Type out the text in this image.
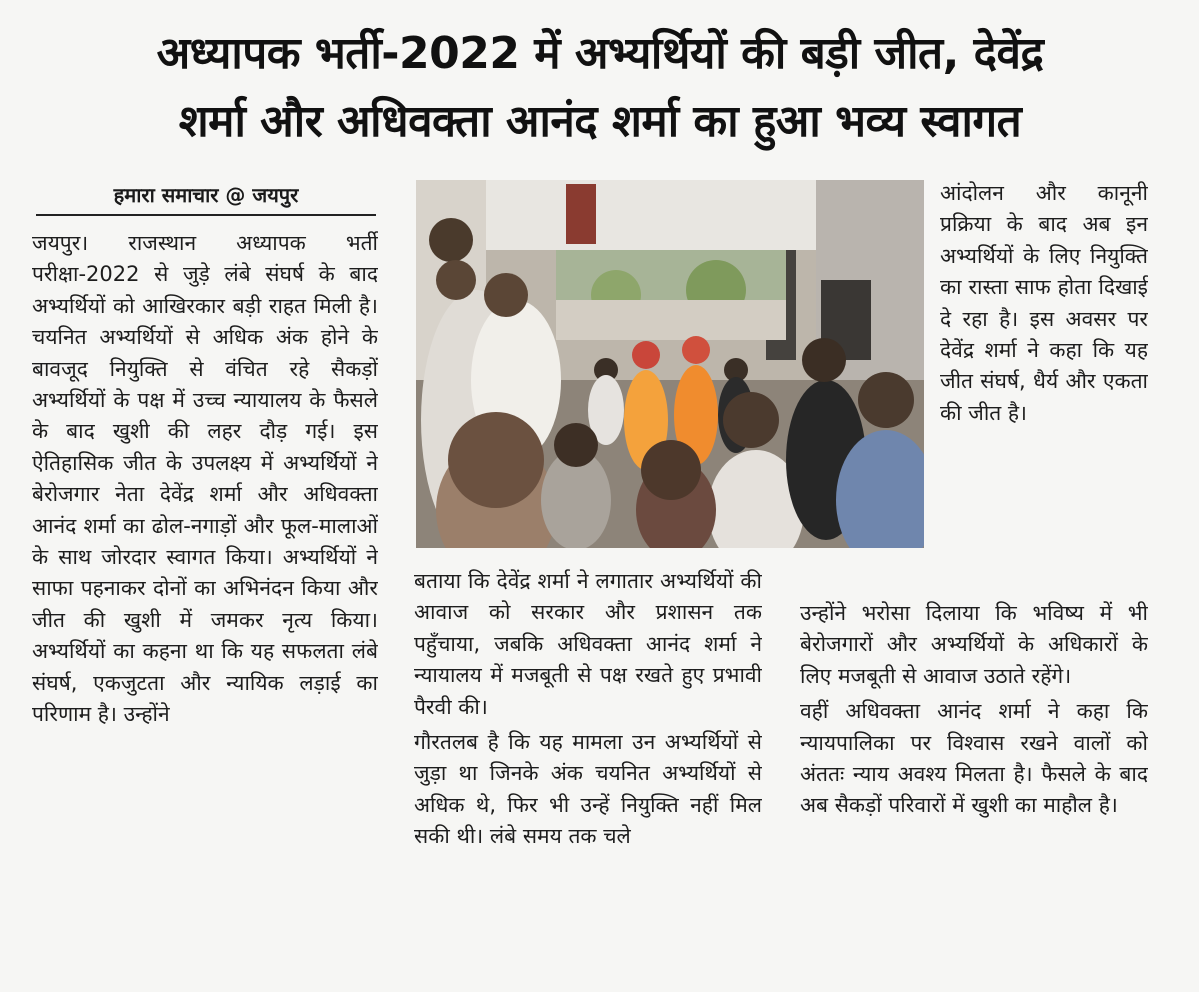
अध्यापक भर्ती-2022 में अभ्यर्थियों की बड़ी जीत, देवेंद्र
शर्मा और अधिवक्ता आनंद शर्मा का हुआ भव्य स्वागत
हमारा समाचार @ जयपुर

जयपुर। राजस्थान अध्यापक भर्ती परीक्षा-2022 से जुड़े लंबे संघर्ष के बाद अभ्यर्थियों को आखिरकार बड़ी राहत मिली है। चयनित अभ्यर्थियों से अधिक अंक होने के बावजूद नियुक्ति से वंचित रहे सैकड़ों अभ्यर्थियों के पक्ष में उच्च न्यायालय के फैसले के बाद खुशी की लहर दौड़ गई। इस ऐतिहासिक जीत के उपलक्ष्य में अभ्यर्थियों ने बेरोजगार नेता देवेंद्र शर्मा और अधिवक्ता आनंद शर्मा का ढोल-नगाड़ों और फूल-मालाओं के साथ जोरदार स्वागत किया। अभ्यर्थियों ने साफा पहनाकर दोनों का अभिनंदन किया और जीत की खुशी में जमकर नृत्य किया। अभ्यर्थियों का कहना था कि यह सफलता लंबे संघर्ष, एकजुटता और न्यायिक लड़ाई का परिणाम है। उन्होंने

बताया कि देवेंद्र शर्मा ने लगातार अभ्यर्थियों की आवाज को सरकार और प्रशासन तक पहुँचाया, जबकि अधिवक्ता आनंद शर्मा ने न्यायालय में मजबूती से पक्ष रखते हुए प्रभावी पैरवी की।

गौरतलब है कि यह मामला उन अभ्यर्थियों से जुड़ा था जिनके अंक चयनित अभ्यर्थियों से अधिक थे, फिर भी उन्हें नियुक्ति नहीं मिल सकी थी। लंबे समय तक चले

आंदोलन और कानूनी प्रक्रिया के बाद अब इन अभ्यर्थियों के लिए नियुक्ति का रास्ता साफ होता दिखाई दे रहा है। इस अवसर पर देवेंद्र शर्मा ने कहा कि यह जीत संघर्ष, धैर्य और एकता की जीत है।

उन्होंने भरोसा दिलाया कि भविष्य में भी बेरोजगारों और अभ्यर्थियों के अधिकारों के लिए मजबूती से आवाज उठाते रहेंगे।

वहीं अधिवक्ता आनंद शर्मा ने कहा कि न्यायपालिका पर विश्वास रखने वालों को अंततः न्याय अवश्य मिलता है। फैसले के बाद अब सैकड़ों परिवारों में खुशी का माहौल है।
